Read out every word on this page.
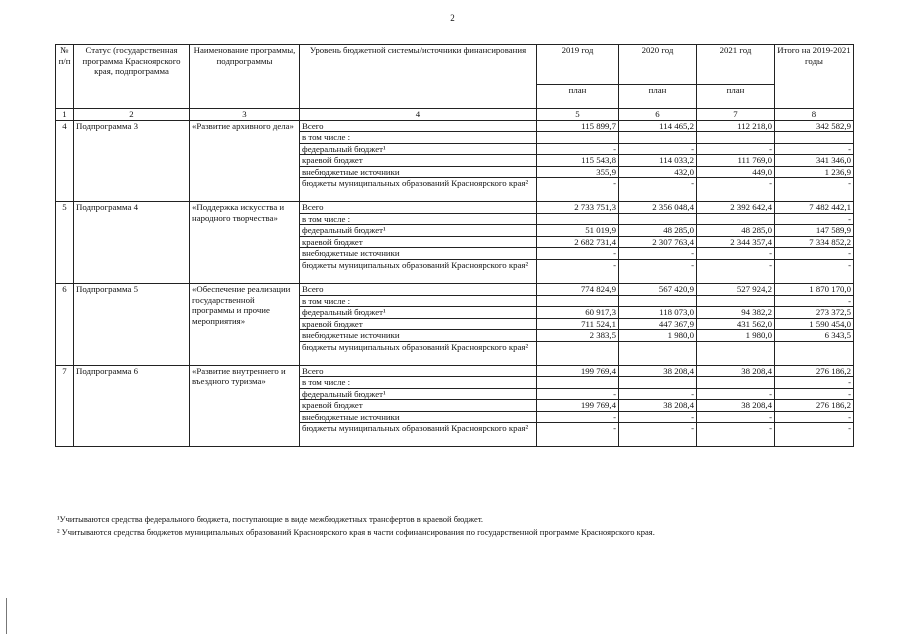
2
№ п/п	Статус (государственная программа Красноярского края, подпрограмма	Наименование программы, подпрограммы	Уровень бюджетной системы/источники финансирования	2019 год	2020 год	2021 год	Итого на 2019-2021 годы
				план	план	план	
1	2	3	4	5	6	7	8
4	Подпрограмма 3	«Развитие архивного дела»	Всего	115 899,7	114 465,2	112 218,0	342 582,9
			в том числе :				
			федеральный бюджет¹	-	-	-	-
			краевой бюджет	115 543,8	114 033,2	111 769,0	341 346,0
			внебюджетные источники	355,9	432,0	449,0	1 236,9
			бюджеты муниципальных образований Красноярского края²	-	-	-	-
5	Подпрограмма 4	«Поддержка искусства и народного творчества»	Всего	2 733 751,3	2 356 048,4	2 392 642,4	7 482 442,1
			в том числе :				-
			федеральный бюджет¹	51 019,9	48 285,0	48 285,0	147 589,9
			краевой бюджет	2 682 731,4	2 307 763,4	2 344 357,4	7 334 852,2
			внебюджетные источники	-	-	-	-
			бюджеты муниципальных образований Красноярского края²	-	-	-	-
6	Подпрограмма 5	«Обеспечение реализации государственной программы и прочие мероприятия»	Всего	774 824,9	567 420,9	527 924,2	1 870 170,0
			в том числе :				-
			федеральный бюджет¹	60 917,3	118 073,0	94 382,2	273 372,5
			краевой бюджет	711 524,1	447 367,9	431 562,0	1 590 454,0
			внебюджетные источники	2 383,5	1 980,0	1 980,0	6 343,5
			бюджеты муниципальных образований Красноярского края²				
7	Подпрограмма 6	«Развитие внутреннего и въездного туризма»	Всего	199 769,4	38 208,4	38 208,4	276 186,2
			в том числе :				-
			федеральный бюджет¹	-	-	-	-
			краевой бюджет	199 769,4	38 208,4	38 208,4	276 186,2
			внебюджетные источники	-	-	-	-
			бюджеты муниципальных образований Красноярского края²	-	-	-	-
¹Учитываются средства федерального бюджета, поступающие в виде межбюджетных трансфертов в краевой бюджет.
² Учитываются средства бюджетов муниципальных образований Красноярского края в части софинансирования по государственной программе Красноярского края.
